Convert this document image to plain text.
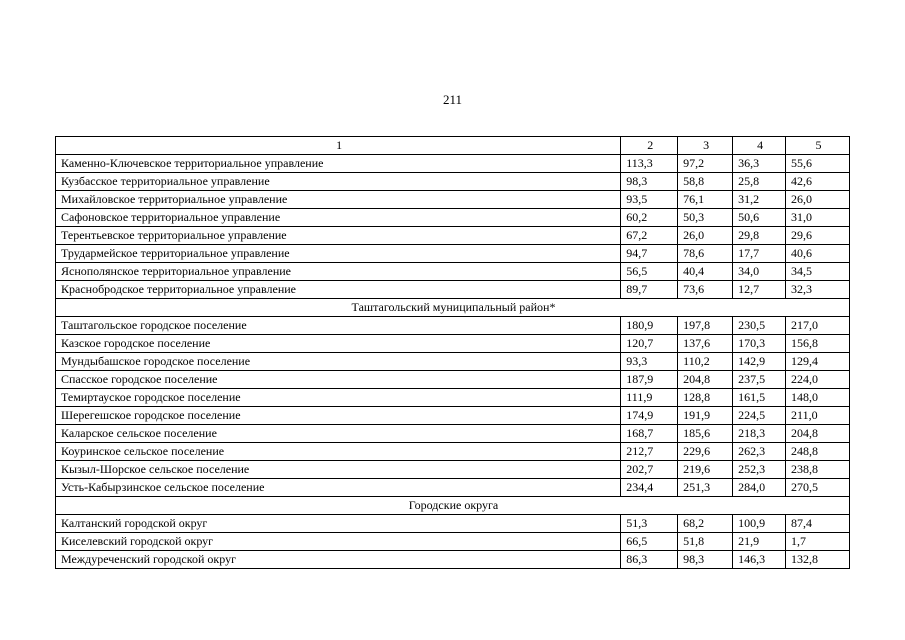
211
1	2	3	4	5
Каменно-Ключевское территориальное управление	113,3	97,2	36,3	55,6
Кузбасское территориальное управление	98,3	58,8	25,8	42,6
Михайловское территориальное управление	93,5	76,1	31,2	26,0
Сафоновское территориальное управление	60,2	50,3	50,6	31,0
Терентьевское территориальное управление	67,2	26,0	29,8	29,6
Трудармейское территориальное управление	94,7	78,6	17,7	40,6
Яснополянское территориальное управление	56,5	40,4	34,0	34,5
Краснобродское территориальное управление	89,7	73,6	12,7	32,3
Таштагольский муниципальный район*				
Таштагольское городское поселение	180,9	197,8	230,5	217,0
Казское городское поселение	120,7	137,6	170,3	156,8
Мундыбашское городское поселение	93,3	110,2	142,9	129,4
Спасское городское поселение	187,9	204,8	237,5	224,0
Темиртауское городское поселение	111,9	128,8	161,5	148,0
Шерегешское городское поселение	174,9	191,9	224,5	211,0
Каларское сельское поселение	168,7	185,6	218,3	204,8
Коуринское сельское поселение	212,7	229,6	262,3	248,8
Кызыл-Шорское сельское поселение	202,7	219,6	252,3	238,8
Усть-Кабырзинское сельское поселение	234,4	251,3	284,0	270,5
Городские округа				
Калтанский городской округ	51,3	68,2	100,9	87,4
Киселевский городской округ	66,5	51,8	21,9	1,7
Междуреченский городской округ	86,3	98,3	146,3	132,8
